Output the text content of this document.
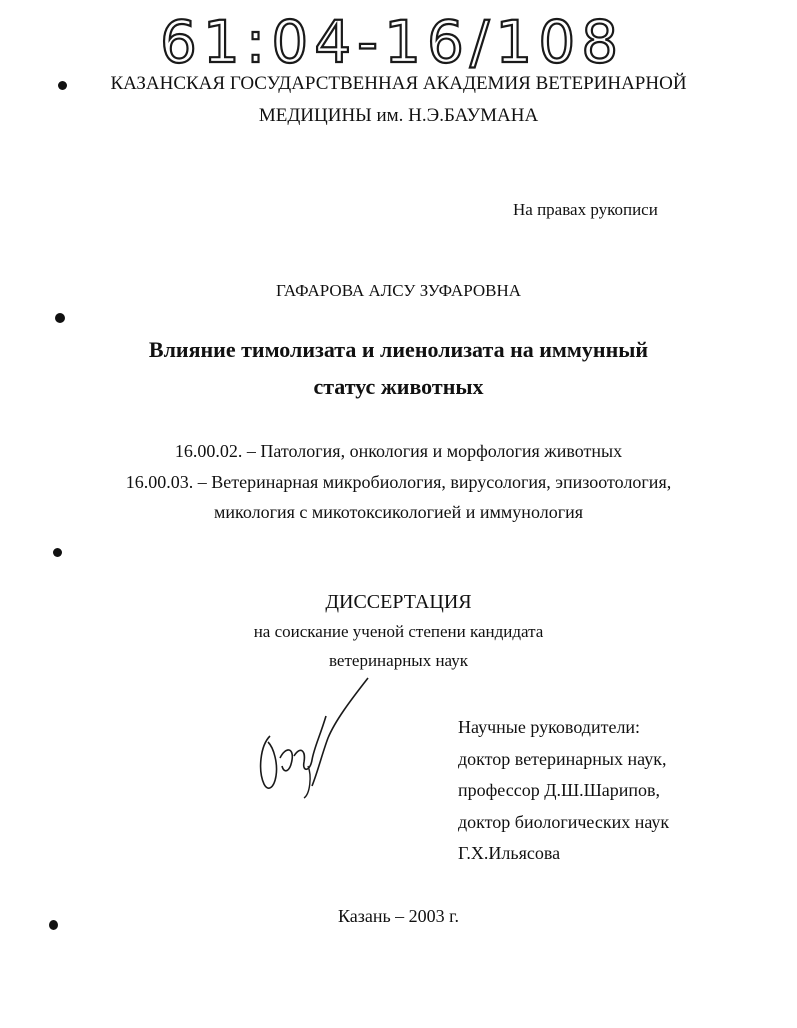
61:04-16/108
КАЗАНСКАЯ ГОСУДАРСТВЕННАЯ АКАДЕМИЯ ВЕТЕРИНАРНОЙ
МЕДИЦИНЫ им. Н.Э.БАУМАНА
На правах рукописи
ГАФАРОВА АЛСУ ЗУФАРОВНА
Влияние тимолизата и лиенолизата на иммунный
статус животных
16.00.02. – Патология, онкология и морфология животных
16.00.03. – Ветеринарная микробиология, вирусология, эпизоотология,
микология с микотоксикологией и иммунология
ДИССЕРТАЦИЯ
на соискание ученой степени кандидата
ветеринарных наук
Научные руководители:
доктор ветеринарных наук,
профессор Д.Ш.Шарипов,
доктор биологических наук
Г.Х.Ильясова
Казань – 2003 г.
